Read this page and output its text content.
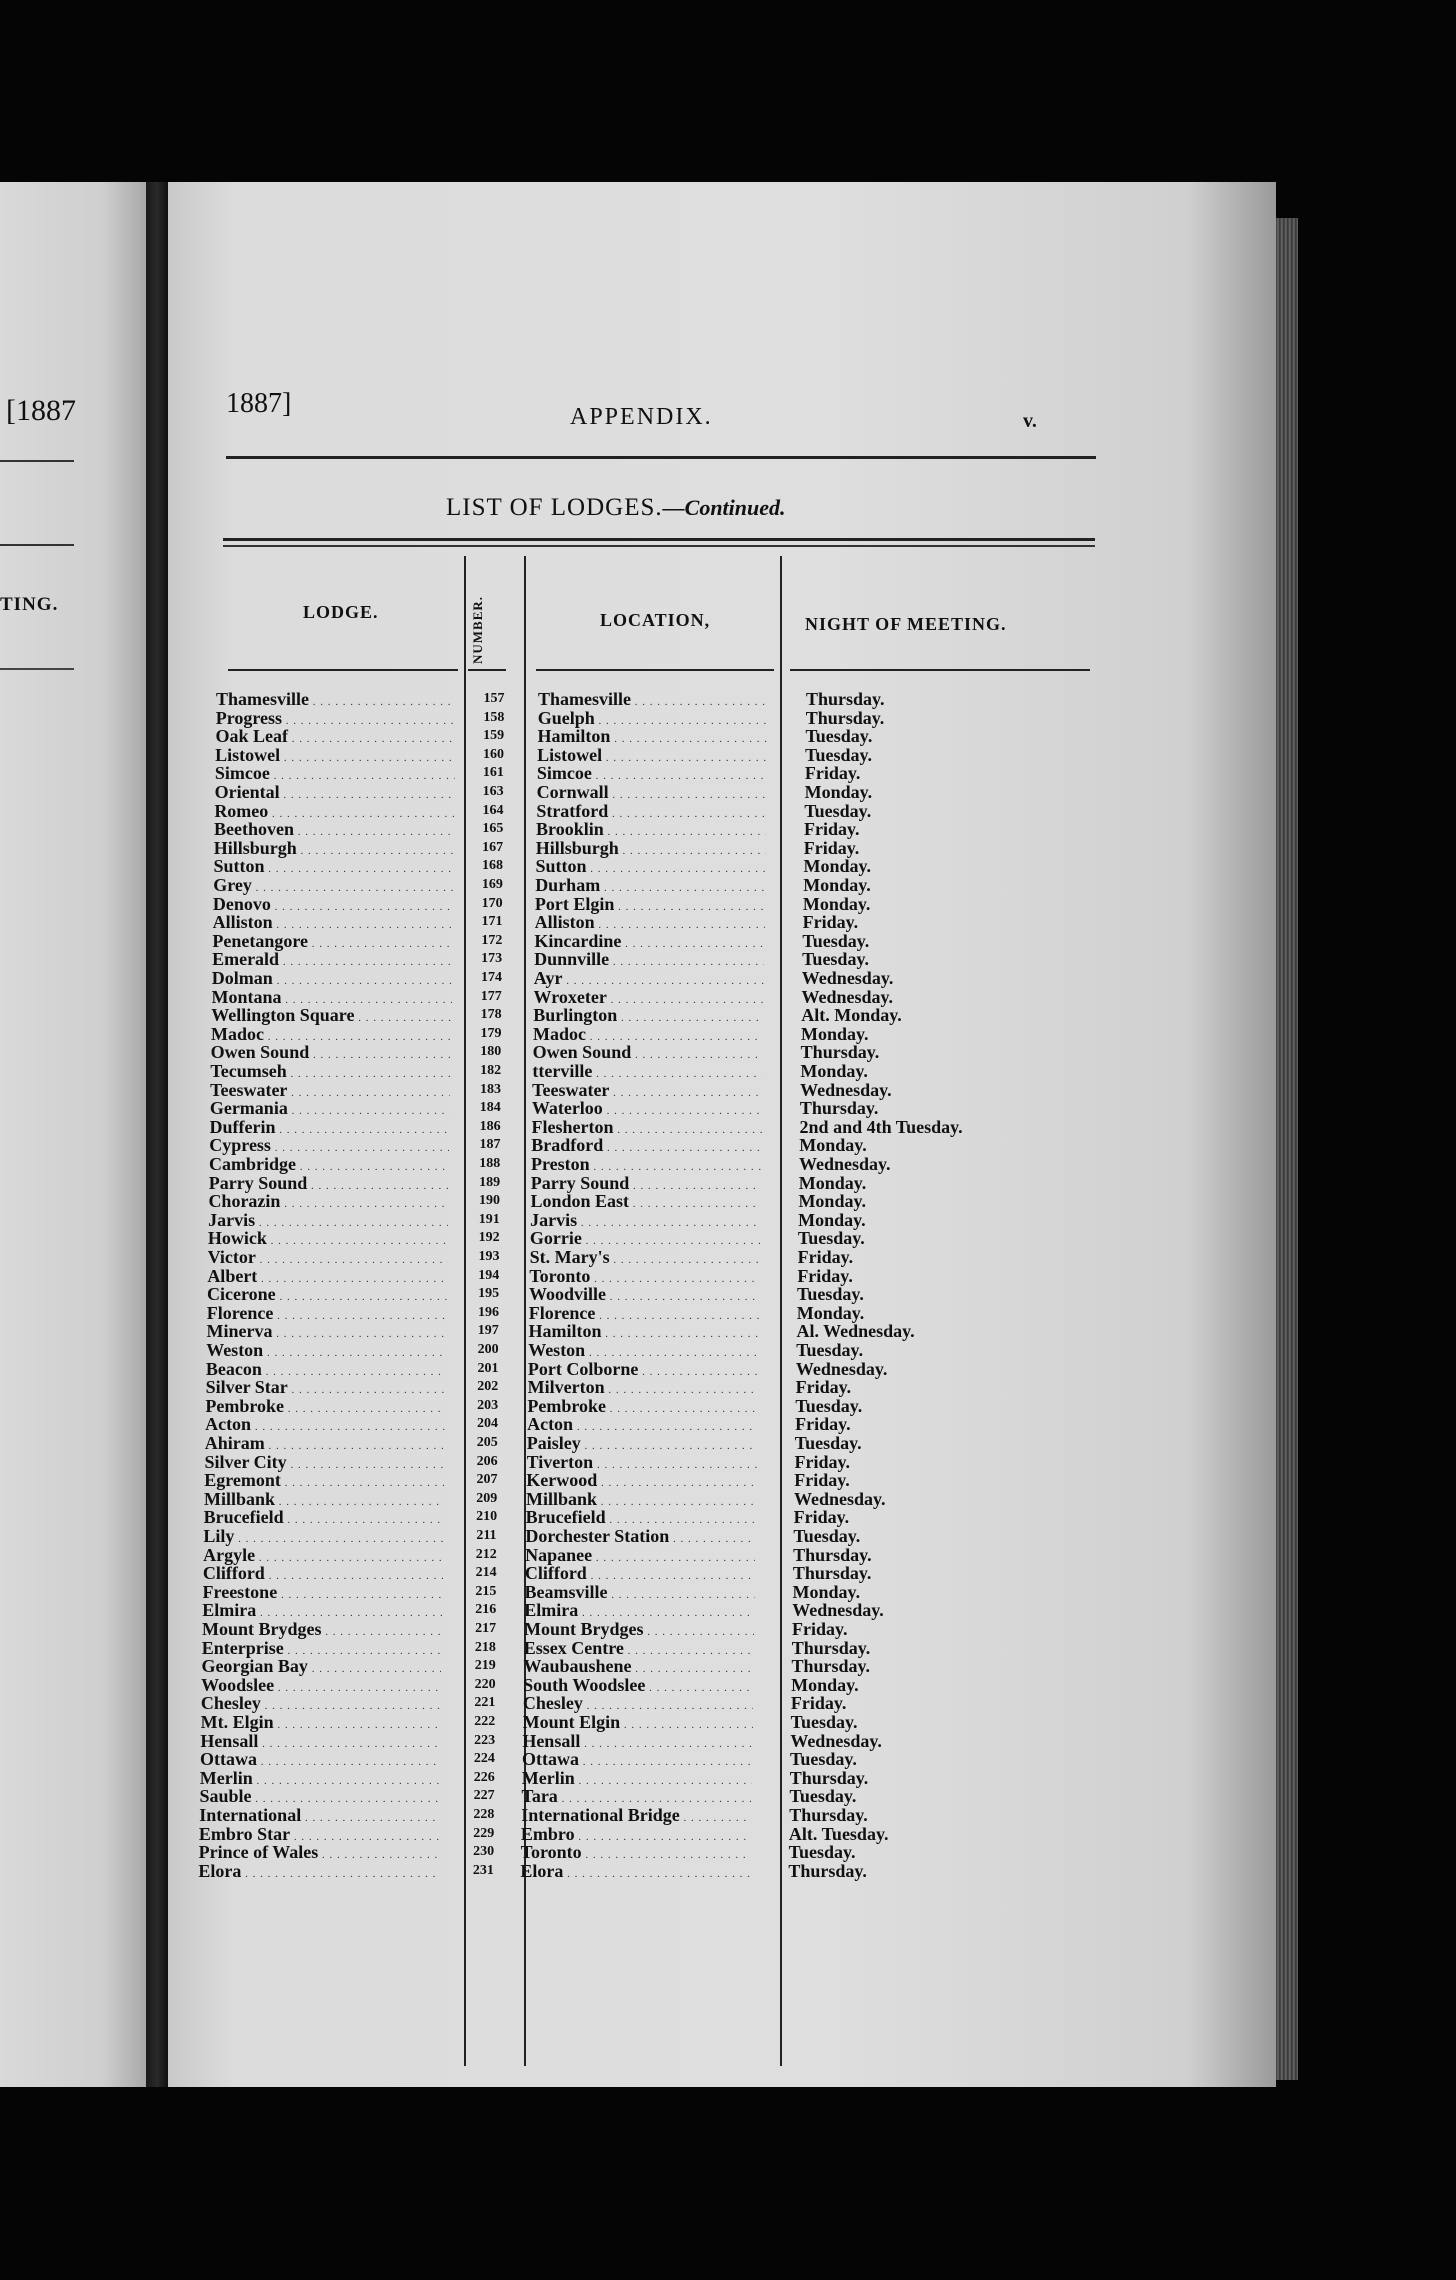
[1887
TING.
1887]	APPENDIX.	v.
LIST OF LODGES.—Continued.
LODGE.	NUMBER.	LOCATION,	NIGHT OF MEETING.
Thamesville . . .	157	Thamesville . . .	Thursday.
Progress . . .	158	Guelph . . .	Thursday.
Oak Leaf . . .	159	Hamilton . . .	Tuesday.
Listowel . . .	160	Listowel . . .	Tuesday.
Simcoe . . .	161	Simcoe . . .	Friday.
Oriental . . .	163	Cornwall . . .	Monday.
Romeo . . .	164	Stratford . . .	Tuesday.
Beethoven . . .	165	Brooklin . . .	Friday.
Hillsburgh . . .	167	Hillsburgh . . .	Friday.
Sutton . . .	168	Sutton . . .	Monday.
Grey . . .	169	Durham . . .	Monday.
Denovo . . .	170	Port Elgin . . .	Monday.
Alliston . . .	171	Alliston . . .	Friday.
Penetangore . . .	172	Kincardine . . .	Tuesday.
Emerald . . .	173	Dunnville . . .	Tuesday.
Dolman . . .	174	Ayr . . .	Wednesday.
Montana . . .	177	Wroxeter . . .	Wednesday.
Wellington Square . . .	178	Burlington . . .	Alt. Monday.
Madoc . . .	179	Madoc . . .	Monday.
Owen Sound . . .	180	Owen Sound . . .	Thursday.
Tecumseh . . .	182	tterville . . .	Monday.
Teeswater . . .	183	Teeswater . . .	Wednesday.
Germania . . .	184	Waterloo . . .	Thursday.
Dufferin . . .	186	Flesherton . . .	2nd and 4th Tuesday.
Cypress . . .	187	Bradford . . .	Monday.
Cambridge . . .	188	Preston . . .	Wednesday.
Parry Sound . . .	189	Parry Sound . . .	Monday.
Chorazin . . .	190	London East . . .	Monday.
Jarvis . . .	191	Jarvis . . .	Monday.
Howick . . .	192	Gorrie . . .	Tuesday.
Victor . . .	193	St. Mary's . . .	Friday.
Albert . . .	194	Toronto . . .	Friday.
Cicerone . . .	195	Woodville . . .	Tuesday.
Florence . . .	196	Florence . . .	Monday.
Minerva . . .	197	Hamilton . . .	Al. Wednesday.
Weston . . .	200	Weston . . .	Tuesday.
Beacon . . .	201	Port Colborne . . .	Wednesday.
Silver Star . . .	202	Milverton . . .	Friday.
Pembroke . . .	203	Pembroke . . .	Tuesday.
Acton . . .	204	Acton . . .	Friday.
Ahiram . . .	205	Paisley . . .	Tuesday.
Silver City . . .	206	Tiverton . . .	Friday.
Egremont . . .	207	Kerwood . . .	Friday.
Millbank . . .	209	Millbank . . .	Wednesday.
Brucefield . . .	210	Brucefield . . .	Friday.
Lily . . .	211	Dorchester Station . . .	Tuesday.
Argyle . . .	212	Napanee . . .	Thursday.
Clifford . . .	214	Clifford . . .	Thursday.
Freestone . . .	215	Beamsville . . .	Monday.
Elmira . . .	216	Elmira . . .	Wednesday.
Mount Brydges . . .	217	Mount Brydges . . .	Friday.
Enterprise . . .	218	Essex Centre . . .	Thursday.
Georgian Bay . . .	219	Waubaushene . . .	Thursday.
Woodslee . . .	220	South Woodslee . . .	Monday.
Chesley . . .	221	Chesley . . .	Friday.
Mt. Elgin . . .	222	Mount Elgin . . .	Tuesday.
Hensall . . .	223	Hensall . . .	Wednesday.
Ottawa . . .	224	Ottawa . . .	Tuesday.
Merlin . . .	226	Merlin . . .	Thursday.
Sauble . . .	227	Tara . . .	Tuesday.
International . . .	228	International Bridge . . .	Thursday.
Embro Star . . .	229	Embro . . .	Alt. Tuesday.
Prince of Wales . . .	230	Toronto . . .	Tuesday.
Elora . . .	231	Elora . . .	Thursday.
